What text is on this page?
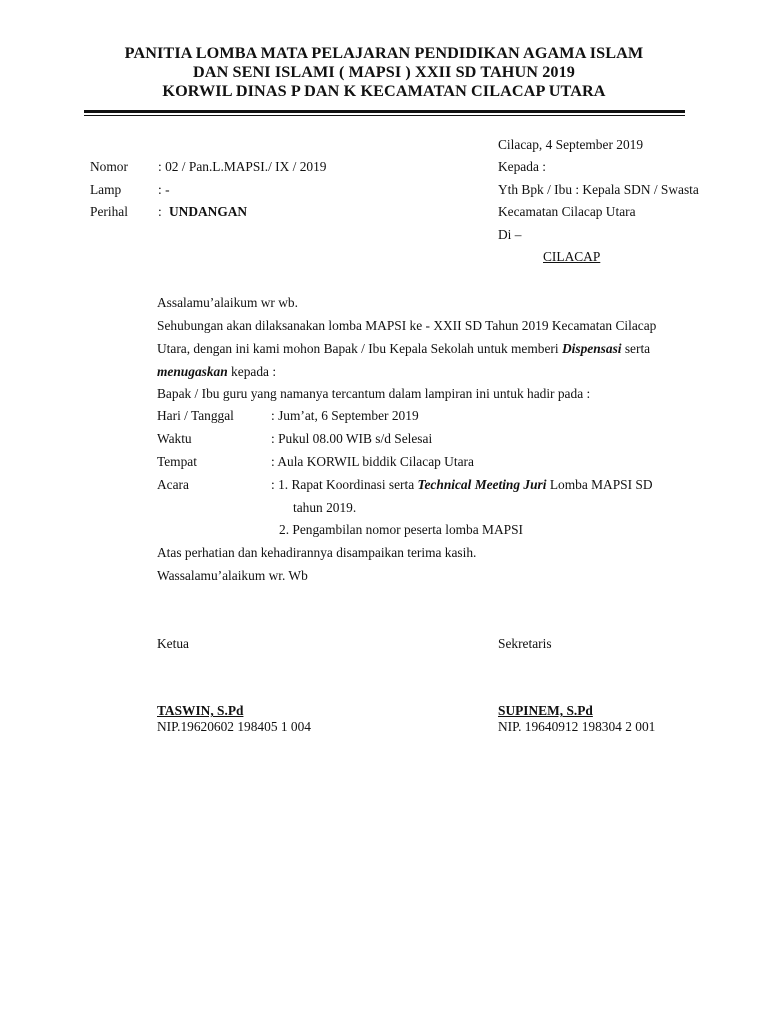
PANITIA LOMBA MATA PELAJARAN PENDIDIKAN AGAMA ISLAM
DAN SENI ISLAMI ( MAPSI ) XXII SD TAHUN 2019
KORWIL DINAS P DAN K KECAMATAN CILACAP UTARA
Nomor : 02 / Pan.L.MAPSI./ IX / 2019
Lamp	: -
Perihal : UNDANGAN
Cilacap, 4 September 2019
Kepada :
Yth Bpk / Ibu : Kepala SDN / Swasta
Kecamatan Cilacap Utara
Di –
CILACAP
Assalamu’alaikum wr wb.
Sehubungan akan dilaksanakan lomba MAPSI ke - XXII SD Tahun 2019 Kecamatan Cilacap
Utara, dengan ini kami mohon Bapak / Ibu Kepala Sekolah untuk memberi Dispensasi serta
menugaskan kepada :
Bapak / Ibu guru yang namanya tercantum dalam lampiran ini untuk hadir pada :
Hari / Tanggal	: Jum’at, 6 September 2019
Waktu	: Pukul 08.00 WIB s/d Selesai
Tempat	: Aula KORWIL biddik Cilacap Utara
Acara	: 1. Rapat Koordinasi serta Technical Meeting Juri Lomba MAPSI SD
tahun 2019.
2. Pengambilan nomor peserta lomba MAPSI
Atas perhatian dan kehadirannya disampaikan terima kasih.
Wassalamu’alaikum wr. Wb
Ketua
TASWIN, S.Pd
NIP.19620602 198405 1 004
Sekretaris
SUPINEM, S.Pd
NIP. 19640912 198304 2 001
